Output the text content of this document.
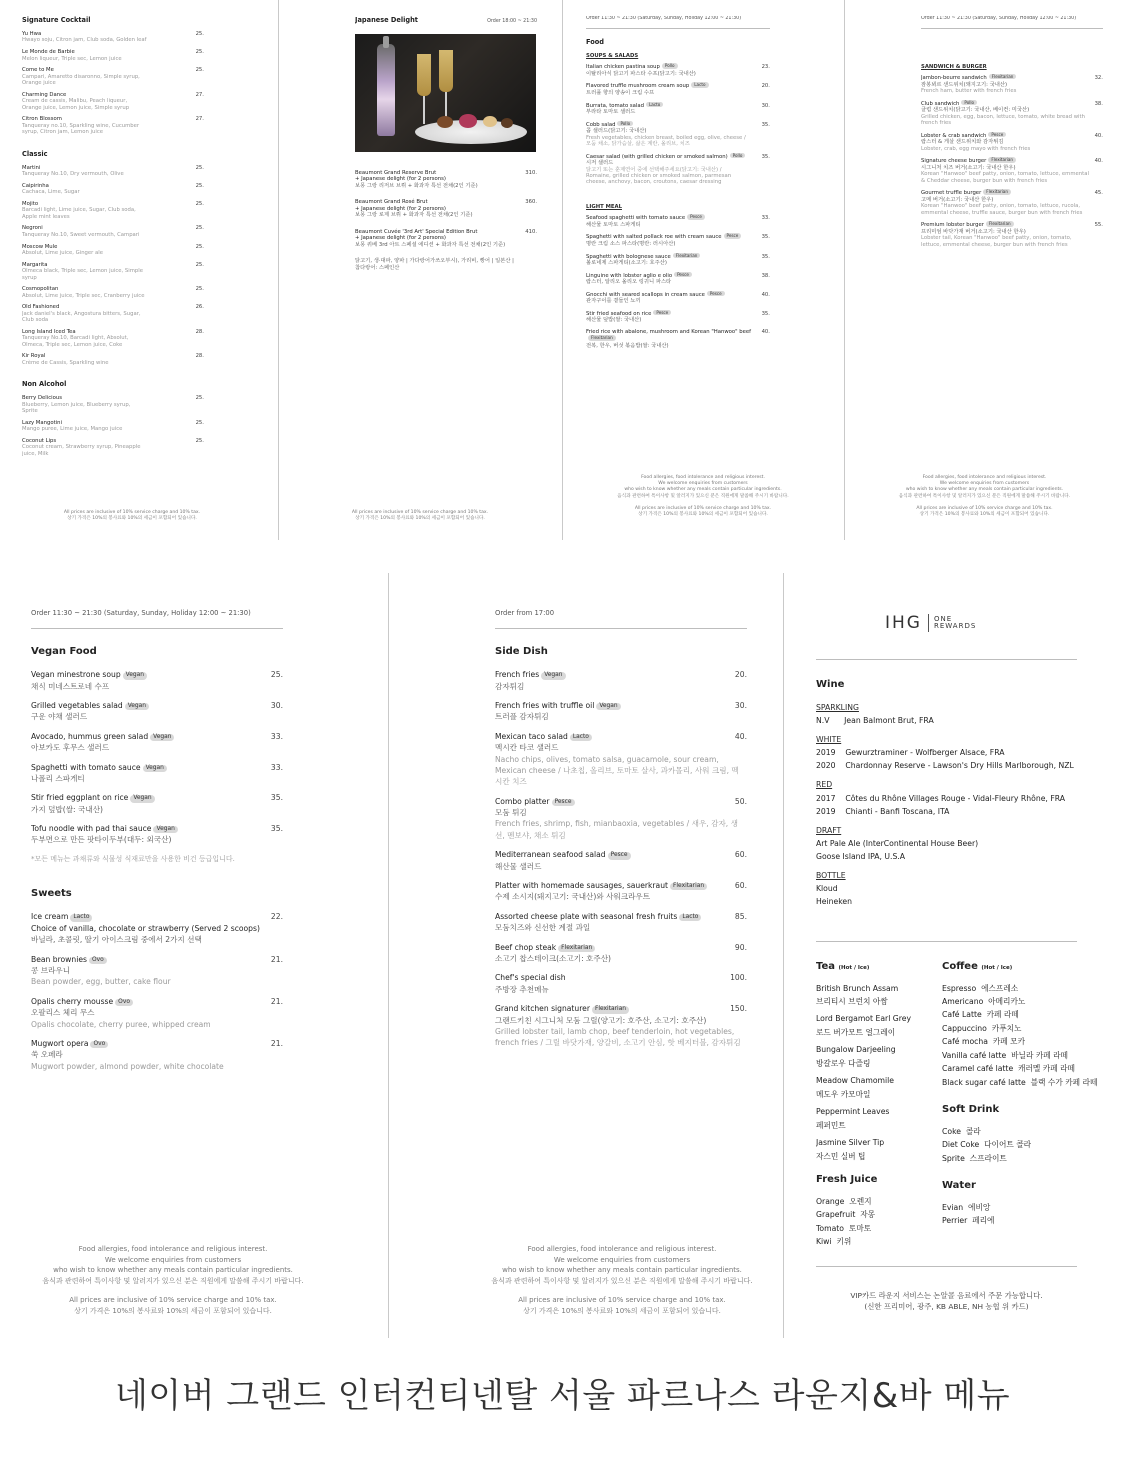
Signature Cocktail
Yu Hwa	25.
Hwayo soju, Citron jam, Club soda, Golden leaf
Le Monde de Barbie	25.
Melon liqueur, Triple sec, Lemon juice
Come to Me	25.
Campari, Amaretto disaronno, Simple syrup, Orange juice
Charming Dance	27.
Cream de cassis, Malibu, Peach liqueur, Orange juice, Lemon juice, Simple syrup
Citron Blossom	27.
Tanqueray no.10, Sparkling wine, Cucumber syrup, Citron jam, Lemon juice
Classic
Martini	25.
Tanqueray No.10, Dry vermouth, Olive
Caipirinha	25.
Cachaca, Lime, Sugar
Mojito	25.
Barcadi light, Lime juice, Sugar, Club soda, Apple mint leaves
Negroni	25.
Tanqueray No.10, Sweet vermouth, Campari
Moscow Mule	25.
Absolut, Lime juice, Ginger ale
Margarita	25.
Olmeca black, Triple sec, Lemon juice, Simple syrup
Cosmopolitan	25.
Absolut, Lime juice, Triple sec, Cranberry juice
Old Fashioned	26.
Jack daniel's black, Angostura bitters, Sugar, Club soda
Long Island Iced Tea	28.
Tanqueray No.10, Barcadi light, Absolut, Olmeca, Triple sec, Lemon juice, Coke
Kir Royal	28.
Crème de Cassis, Sparkling wine
Non Alcohol
Berry Delicious	25.
Blueberry, Lemon juice, Blueberry syrup, Sprite
Lazy Mangotini	25.
Mango puree, Lime juice, Mango juice
Coconut Lips	25.
Coconut cream, Strawberry syrup, Pineapple juice, Milk
All prices are inclusive of 10% service charge and 10% tax.
상기 가격은 10%의 봉사료와 10%의 세금이 포함되어 있습니다.
Japanese Delight	Order 18:00 ~ 21:30
Beaumont Grand Reserve Brut	310.
+ Japanese delight (for 2 persons)
보몽 그랑 리저브 브뤼 + 화과자 특선 전채(2인 기준)
Beaumont Grand Rosé Brut	360.
+ Japanese delight (for 2 persons)
보몽 그랑 로제 브뤼 + 화과자 특선 전채(2인 기준)
Beaumont Cuvée '3rd Art' Special Edition Brut	410.
+ Japanese delight (for 2 persons)
보몽 퀴베 3rd 아트 스페셜 에디션 + 화과자 특선 전채(2인 기준)
닭고기, 생·대파, 양파 | 가다랑어가쓰오부시), 가리비, 빵어 | 일본산 |
참다랑어: 스페인산
All prices are inclusive of 10% service charge and 10% tax.
상기 가격은 10%의 봉사료와 10%의 세금이 포함되어 있습니다.
Order 11:30 ~ 21:30 (Saturday, Sunday, Holiday 12:00 ~ 21:30)
Food
SOUPS & SALADS
Italian chicken pastina soup Pollo	23.
이탈리아식 닭고기 파스타 수프(닭고기: 국내산)
Flavored truffle mushroom cream soup Lacto	20.
트러플 향의 양송이 크림 수프
Burrata, tomato salad Lacto	30.
부라타 토마토 샐러드
Cobb salad Pollo	35.
콥 샐러드(닭고기: 국내산)
Fresh vegetables, chicken breast, boiled egg, olive, cheese / 모둠 채소, 닭가슴살, 삶은 계란, 올리브, 치즈
Caesar salad (with grilled chicken or smoked salmon) Pollo	35.
시저 샐러드
닭고기 또는 훈제연어 중에 선택해주세요(닭고기: 국내산) / Romaine, grilled chicken or smoked salmon, parmesan cheese, anchovy, bacon, croutons, caesar dressing
LIGHT MEAL
Seafood spaghetti with tomato sauce Pesce	33.
해산물 토마토 스파게티
Spaghetti with salted pollack roe with cream sauce Pesce	35.
명란 크림 소스 파스타(명란: 러시아산)
Spaghetti with bolognese sauce Flexitarian	35.
볼로네제 스파게티(소고기: 호주산)
Linguine with lobster aglio e olio Pesce	38.
랍스터, 알리오 올리오 링귀니 파스타
Gnocchi with seared scallops in cream sauce Pesce	40.
관자구이를 곁들인 뇨끼
Stir fried seafood on rice Pesce	35.
해산물 덮밥(쌀: 국내산)
Fried rice with abalone, mushroom and Korean "Hanwoo" beefFlexitarian
40.
전복, 한우, 버섯 볶음밥(쌀: 국내산)
Food allergies, food intolerance and religious interest.
We welcome enquiries from customers
who wish to know whether any meals contain particular ingredients.
음식과 관련하여 특이사항 및 알러지가 있으신 분은 직원에게 말씀해 주시기 바랍니다.
All prices are inclusive of 10% service charge and 10% tax.
상기 가격은 10%의 봉사료와 10%의 세금이 포함되어 있습니다.
Order 11:30 ~ 21:30 (Saturday, Sunday, Holiday 12:00 ~ 21:30)
SANDWICH & BURGER
Jambon-beurre sandwich Flexitarian	32.
잠봉뵈르 샌드위치(돼지고기: 국내산)
French ham, butter with french fries
Club sandwich Pollo	38.
클럽 샌드위치(닭고기: 국내산, 베이컨: 미국산)
Grilled chicken, egg, bacon, lettuce, tomato, white bread with french fries
Lobster & crab sandwich Pesce	40.
랍스터 & 게살 샌드위치와 감자튀김
Lobster, crab, egg mayo with french fries
Signature cheese burger Flexitarian	40.
시그니처 치즈 버거(소고기: 국내산 한우)
Korean "Hanwoo" beef patty, onion, tomato, lettuce, emmental & Cheddar cheese, burger bun with french fries
Gourmet truffle burger Flexitarian	45.
고메 버거(소고기: 국내산 한우)
Korean "Hanwoo" beef patty, onion, tomato, lettuce, rucola, emmental cheese, truffle sauce, burger bun with french fries
Premium lobster burger Flexitarian	55.
프리미엄 바닷가재 버거(소고기: 국내산 한우)
Lobster tail, Korean "Hanwoo" beef patty, onion, tomato, lettuce, emmental cheese, burger bun with french fries
Food allergies, food intolerance and religious interest.
We welcome enquiries from customers
who wish to know whether any meals contain particular ingredients.
음식과 관련하여 특이사항 및 알러지가 있으신 분은 직원에게 말씀해 주시기 바랍니다.
All prices are inclusive of 10% service charge and 10% tax.
상기 가격은 10%의 봉사료와 10%의 세금이 포함되어 있습니다.
Order 11:30 ~ 21:30 (Saturday, Sunday, Holiday 12:00 ~ 21:30)
Vegan Food
Vegan minestrone soup Vegan	25.
채식 미네스트로네 수프
Grilled vegetables salad Vegan	30.
구운 야채 샐러드
Avocado, hummus green salad Vegan	33.
아보카도 후무스 샐러드
Spaghetti with tomato sauce Vegan	33.
나폴리 스파게티
Stir fried eggplant on rice Vegan	35.
가지 덮밥(쌀: 국내산)
Tofu noodle with pad thai sauce Vegan	35.
두부면으로 만든 팟타이두부(대두: 외국산)
*모든 메뉴는 과채류와 식물성 식재료만을 사용한 비건 등급입니다.
Sweets
Ice cream Lacto	22.
Choice of vanilla, chocolate or strawberry (Served 2 scoops)
바닐라, 초콜릿, 딸기 아이스크림 중에서 2가지 선택
Bean brownies Ovo	21.
콩 브라우니
Bean powder, egg, butter, cake flour
Opalis cherry mousse Ovo	21.
오팔리스 체리 무스
Opalis chocolate, cherry puree, whipped cream
Mugwort opera Ovo	21.
쑥 오페라
Mugwort powder, almond powder, white chocolate
Food allergies, food intolerance and religious interest.
We welcome enquiries from customers
who wish to know whether any meals contain particular ingredients.
음식과 관련하여 특이사항 및 알러지가 있으신 분은 직원에게 말씀해 주시기 바랍니다.
All prices are inclusive of 10% service charge and 10% tax.
상기 가격은 10%의 봉사료와 10%의 세금이 포함되어 있습니다.
Order from 17:00
Side Dish
French fries Vegan	20.
감자튀김
French fries with truffle oil Vegan	30.
트러플 감자튀김
Mexican taco salad Lacto	40.
멕시칸 타코 샐러드
Nacho chips, olives, tomato salsa, guacamole, sour cream, Mexican cheese / 나초칩, 올리브, 토마토 살사, 과카몰리, 사워 크림, 멕시칸 치즈
Combo platter Pesce	50.
모둠 튀김
French fries, shrimp, fish, mianbaoxia, vegetables / 새우, 감자, 생선, 멘보샤, 채소 튀김
Mediterranean seafood salad Pesce	60.
해산물 샐러드
Platter with homemade sausages, sauerkraut Flexitarian	60.
수제 소시지(돼지고기: 국내산)와 사워크라우트
Assorted cheese plate with seasonal fresh fruits Lacto	85.
모둠치즈와 신선한 계절 과일
Beef chop steak Flexitarian	90.
소고기 찹스테이크(소고기: 호주산)
Chef's special dish	100.
주방장 추천메뉴
Grand kitchen signaturer Flexitarian	150.
그랜드키친 시그니처 모둠 그릴(양고기: 호주산, 소고기: 호주산)
Grilled lobster tail, lamb chop, beef tenderloin, hot vegetables, french fries / 그릴 바닷가재, 양갈비, 소고기 안심, 핫 베지터블, 감자튀김
Food allergies, food intolerance and religious interest.
We welcome enquiries from customers
who wish to know whether any meals contain particular ingredients.
음식과 관련하여 특이사항 및 알러지가 있으신 분은 직원에게 말씀해 주시기 바랍니다.
All prices are inclusive of 10% service charge and 10% tax.
상기 가격은 10%의 봉사료와 10%의 세금이 포함되어 있습니다.
IHG ONE
REWARDS
Wine
SPARKLING
N.V      Jean Balmont Brut, FRA
WHITE
2019    Gewurztraminer - Wolfberger Alsace, FRA
2020    Chardonnay Reserve - Lawson's Dry Hills Marlborough, NZL
RED
2017    Côtes du Rhône Villages Rouge - Vidal-Fleury Rhône, FRA
2019    Chianti - Banfi Toscana, ITA
DRAFT
Art Pale Ale (InterContinental House Beer)
Goose Island IPA, U.S.A
BOTTLE
Kloud
Heineken
Tea (Hot / Ice)
British Brunch Assam
브리티시 브런치 아쌈
Lord Bergamot Earl Grey
로드 버가모트 얼그레이
Bungalow Darjeeling
방갈로우 다즐링
Meadow Chamomile
메도우 카모마일
Peppermint Leaves
페퍼민트
Jasmine Silver Tip
자스민 실버 팁
Fresh Juice
Orange  오렌지
Grapefruit  자몽
Tomato  토마토
Kiwi  키위
Coffee (Hot / Ice)
Espresso  에스프레소
Americano  아메리카노
Café Latte  카페 라떼
Cappuccino  카푸치노
Café mocha  카페 모카
Vanilla café latte  바닐라 카페 라떼
Caramel café latte  캐러멜 카페 라떼
Black sugar café latte  블랙 수가 카페 라떼
Soft Drink
Coke  콜라
Diet Coke  다이어트 콜라
Sprite  스프라이트
Water
Evian  에비앙
Perrier  페리에
VIP카드 라운지 서비스는 논알콜 음료에서 주문 가능합니다.
(신한 프리미어, 광주, KB ABLE, NH 농협 위 카드)
네이버 그랜드 인터컨티넨탈 서울 파르나스 라운지&바 메뉴
